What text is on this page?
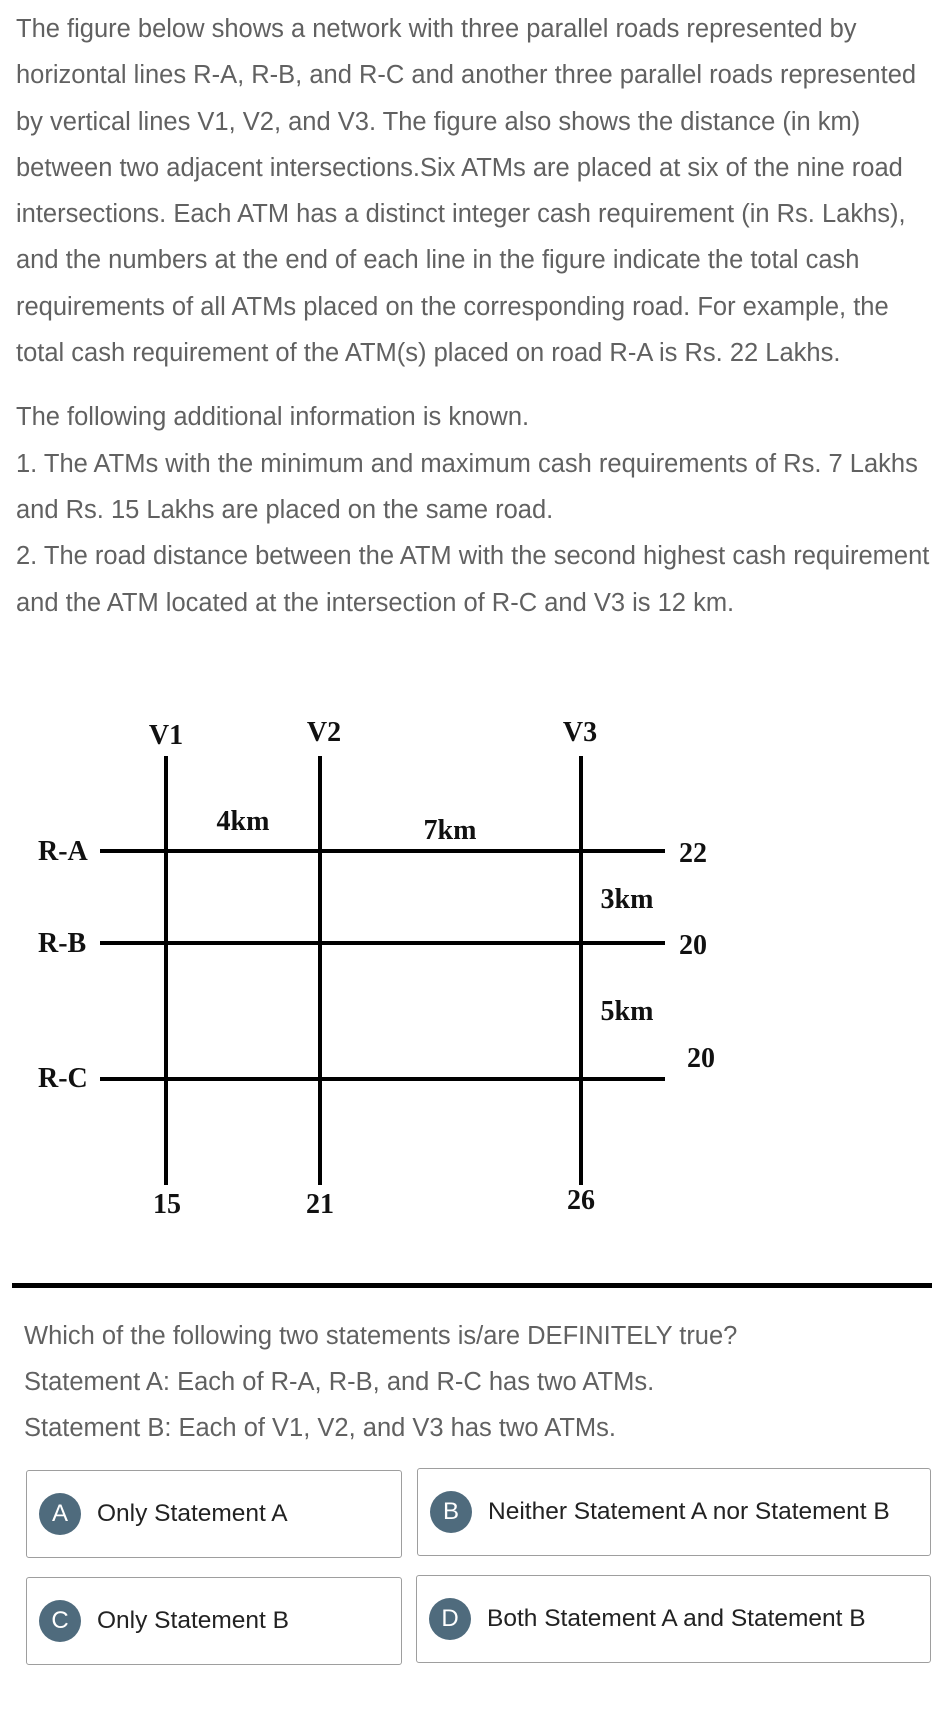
The figure below shows a network with three parallel roads represented by horizontal lines R-A, R-B, and R-C and another three parallel roads represented by vertical lines V1, V2, and V3. The figure also shows the distance (in km) between two adjacent intersections.Six ATMs are placed at six of the nine road intersections. Each ATM has a distinct integer cash requirement (in Rs. Lakhs), and the numbers at the end of each line in the figure indicate the total cash requirements of all ATMs placed on the corresponding road. For example, the total cash requirement of the ATM(s) placed on road R-A is Rs. 22 Lakhs.

The following additional information is known.

1. The ATMs with the minimum and maximum cash requirements of Rs. 7 Lakhs and Rs. 15 Lakhs are placed on the same road.

2. The road distance between the ATM with the second highest cash requirement and the ATM located at the intersection of R-C and V3 is 12 km.

V1	V2	V3
R-A
R-B
R-C
4km	7km
3km
5km
22
20
20
15	21	26

Which of the following two statements is/are DEFINITELY true?

Statement A: Each of R-A, R-B, and R-C has two ATMs.

Statement B: Each of V1, V2, and V3 has two ATMs.

A	Only Statement A	B	Neither Statement A nor Statement B
C	Only Statement B	D	Both Statement A and Statement B
